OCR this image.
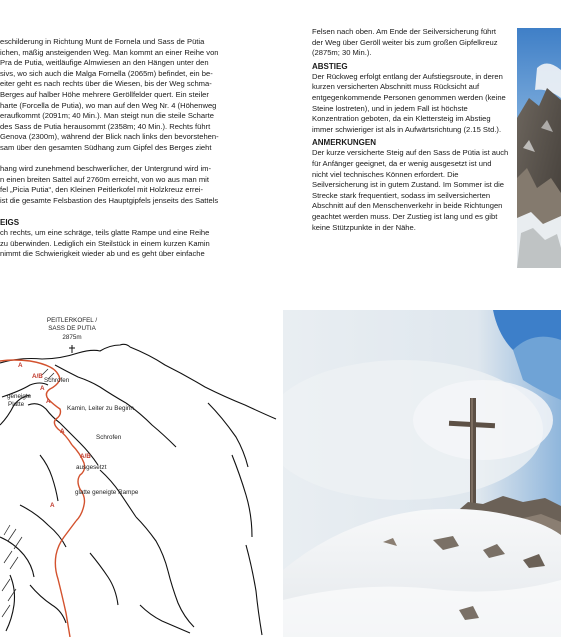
eschilderung in Richtung Munt de Fornela und Sass de Pütia
ichen, mäßig ansteigenden Weg. Man kommt an einer Reihe von
Pra de Putia, weitläufige Almwiesen an den Hängen unter den
sivs, wo sich auch die Malga Fornella (2065m) befindet, ein be-
eiter geht es nach rechts über die Wiesen, bis der Weg schma-
Berges auf halber Höhe mehrere Geröllfelder quert. Ein steiler
harte (Forcella de Putia), wo man auf den Weg Nr. 4 (Höhenweg
eraufkommt (2091m; 40 Min.). Man steigt nun die steile Scharte
des Sass de Putia herausommt (2358m; 40 Min.). Rechts führt
Genova (2300m), während der Blick nach links den bevorstehen-
sam über den gesamten Südhang zum Gipfel des Berges zieht
hang wird zunehmend beschwerlicher, der Untergrund wird im-
n einen breiten Sattel auf 2760m erreicht, von wo aus man mit
fel „Picia Putia“, den Kleinen Peitlerkofel mit Holzkreuz errei-
ist die gesamte Felsbastion des Hauptgipfels jenseits des Sattels
EIGS
ch rechts, um eine schräge, teils glatte Rampe und eine Reihe
zu überwinden. Lediglich ein Steilstück in einem kurzen Kamin
nimmt die Schwierigkeit wieder ab und es geht über einfache

Felsen nach oben. Am Ende der Seilversicherung führt der Weg über Geröll weiter bis zum großen Gipfelkreuz (2875m; 30 Min.).

ABSTIEG

Der Rückweg erfolgt entlang der Aufstiegsroute, in deren kurzen versicherten Abschnitt muss Rücksicht auf entgegenkommende Personen genommen werden (keine Steine lostreten), und in jedem Fall ist höchste Konzentration geboten, da ein Klettersteig im Abstieg immer schwieriger ist als in Aufwärtsrichtung (2.15 Std.).

ANMERKUNGEN

Der kurze versicherte Steig auf den Sass de Pütia ist auch für Anfänger geeignet, da er wenig ausgesetzt ist und nicht viel technisches Können erfordert. Die Seilversicherung ist in gutem Zustand. Im Sommer ist die Strecke stark frequentiert, sodass im seilversicherten Abschnitt auf den Menschenverkehr in beide Richtungen geachtet werden muss. Der Zustieg ist lang und es gibt keine Stützpunkte in der Nähe.

PEITLERKOFEL /
SASS DE PUTIA
2875m
A
A/B
A
A
A
A/B
A
Schrofen
geneigte
Platte
Kamin, Leiter zu Beginn
Schrofen
ausgesetzt
glatte geneigte Rampe
